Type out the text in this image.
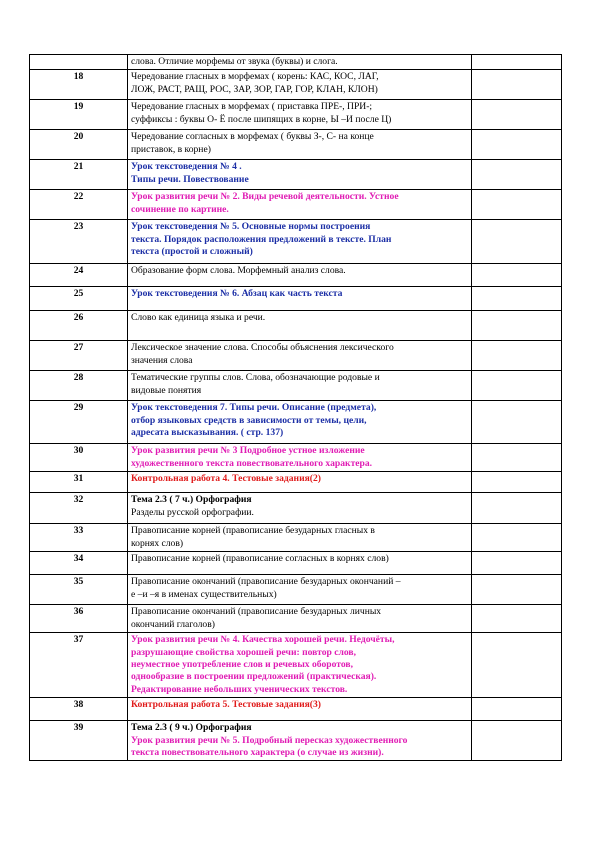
	слова. Отличие морфемы от звука (буквы) и слога.	

18	Чередование гласных в морфемах ( корень: КАС, КОС, ЛАГ,
ЛОЖ, РАСТ, РАЩ, РОС, ЗАР, ЗОР, ГАР, ГОР, КЛАН, КЛОН)	

19	Чередование гласных в морфемах ( приставка ПРЕ-, ПРИ-;
суффиксы : буквы О- Ё после шипящих в корне, Ы –И после Ц)	

20	Чередование согласных в морфемах ( буквы З-, С- на конце
приставок, в корне)	

21	Урок текстоведения № 4 .
Типы речи. Повествование	

22	Урок развития речи № 2. Виды речевой деятельности. Устное
сочинение по картине.	

23	Урок текстоведения № 5. Основные нормы построения
текста. Порядок расположения предложений в тексте. План
текста (простой и сложный)	

24	Образование форм слова. Морфемный анализ слова.	

25	Урок текстоведения № 6. Абзац как часть текста	

26	Слово как единица языка и речи.	

27	Лексическое значение слова. Способы объяснения лексического
значения слова	

28	Тематические группы слов. Слова, обозначающие родовые и
видовые понятия	

29	Урок текстоведения 7. Типы речи. Описание (предмета),
отбор языковых средств в зависимости от темы, цели,
адресата высказывания. ( стр. 137)	

30	Урок развития речи № 3 Подробное устное изложение
художественного текста повествовательного характера.	

31	Контрольная работа 4. Тестовые задания(2)	

32	Тема 2.3 ( 7 ч.) Орфография
Разделы русской орфографии.	

33	Правописание корней (правописание безударных гласных в
корнях слов)	

34	Правописание корней (правописание согласных в корнях слов)	

35	Правописание окончаний (правописание безударных окончаний –
е –и –я в именах существительных)	

36	Правописание окончаний (правописание безударных личных
окончаний глаголов)	

37	Урок развития речи № 4. Качества хорошей речи. Недочёты,
разрушающие свойства хорошей речи: повтор слов,
неуместное употребление слов и речевых оборотов,
однообразие в построении предложений (практическая).
Редактирование небольших ученических текстов.	

38	Контрольная работа 5. Тестовые задания(3)	

39	Тема 2.3 ( 9 ч.) Орфография
Урок развития речи № 5. Подробный пересказ художественного
текста повествовательного характера (о случае из жизни).	
